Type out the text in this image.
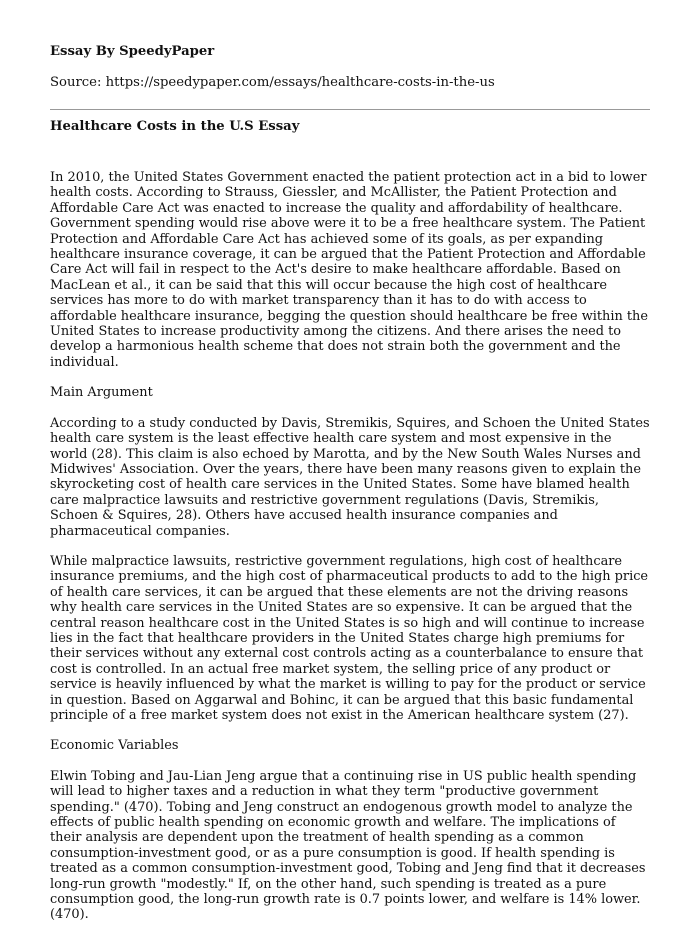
Essay By SpeedyPaper
Source: https://speedypaper.com/essays/healthcare-costs-in-the-us
Healthcare Costs in the U.S Essay

In 2010, the United States Government enacted the patient protection act in a bid to lower health costs. According to Strauss, Giessler, and McAllister, the Patient Protection and Affordable Care Act was enacted to increase the quality and affordability of healthcare. Government spending would rise above were it to be a free healthcare system. The Patient Protection and Affordable Care Act has achieved some of its goals, as per expanding healthcare insurance coverage, it can be argued that the Patient Protection and Affordable Care Act will fail in respect to the Act's desire to make healthcare affordable. Based on MacLean et al., it can be said that this will occur because the high cost of healthcare services has more to do with market transparency than it has to do with access to affordable healthcare insurance, begging the question should healthcare be free within the United States to increase productivity among the citizens. And there arises the need to develop a harmonious health scheme that does not strain both the government and the individual.

Main Argument

According to a study conducted by Davis, Stremikis, Squires, and Schoen the United States health care system is the least effective health care system and most expensive in the world (28). This claim is also echoed by Marotta, and by the New South Wales Nurses and Midwives' Association. Over the years, there have been many reasons given to explain the skyrocketing cost of health care services in the United States. Some have blamed health care malpractice lawsuits and restrictive government regulations (Davis, Stremikis, Schoen & Squires, 28). Others have accused health insurance companies and pharmaceutical companies.

While malpractice lawsuits, restrictive government regulations, high cost of healthcare insurance premiums, and the high cost of pharmaceutical products to add to the high price of health care services, it can be argued that these elements are not the driving reasons why health care services in the United States are so expensive. It can be argued that the central reason healthcare cost in the United States is so high and will continue to increase lies in the fact that healthcare providers in the United States charge high premiums for their services without any external cost controls acting as a counterbalance to ensure that cost is controlled. In an actual free market system, the selling price of any product or service is heavily influenced by what the market is willing to pay for the product or service in question. Based on Aggarwal and Bohinc, it can be argued that this basic fundamental principle of a free market system does not exist in the American healthcare system (27).

Economic Variables

Elwin Tobing and Jau-Lian Jeng argue that a continuing rise in US public health spending will lead to higher taxes and a reduction in what they term "productive government spending." (470). Tobing and Jeng construct an endogenous growth model to analyze the effects of public health spending on economic growth and welfare. The implications of their analysis are dependent upon the treatment of health spending as a common consumption-investment good, or as a pure consumption is good. If health spending is treated as a common consumption-investment good, Tobing and Jeng find that it decreases long-run growth "modestly." If, on the other hand, such spending is treated as a pure consumption good, the long-run growth rate is 0.7 points lower, and welfare is 14% lower. (470).
